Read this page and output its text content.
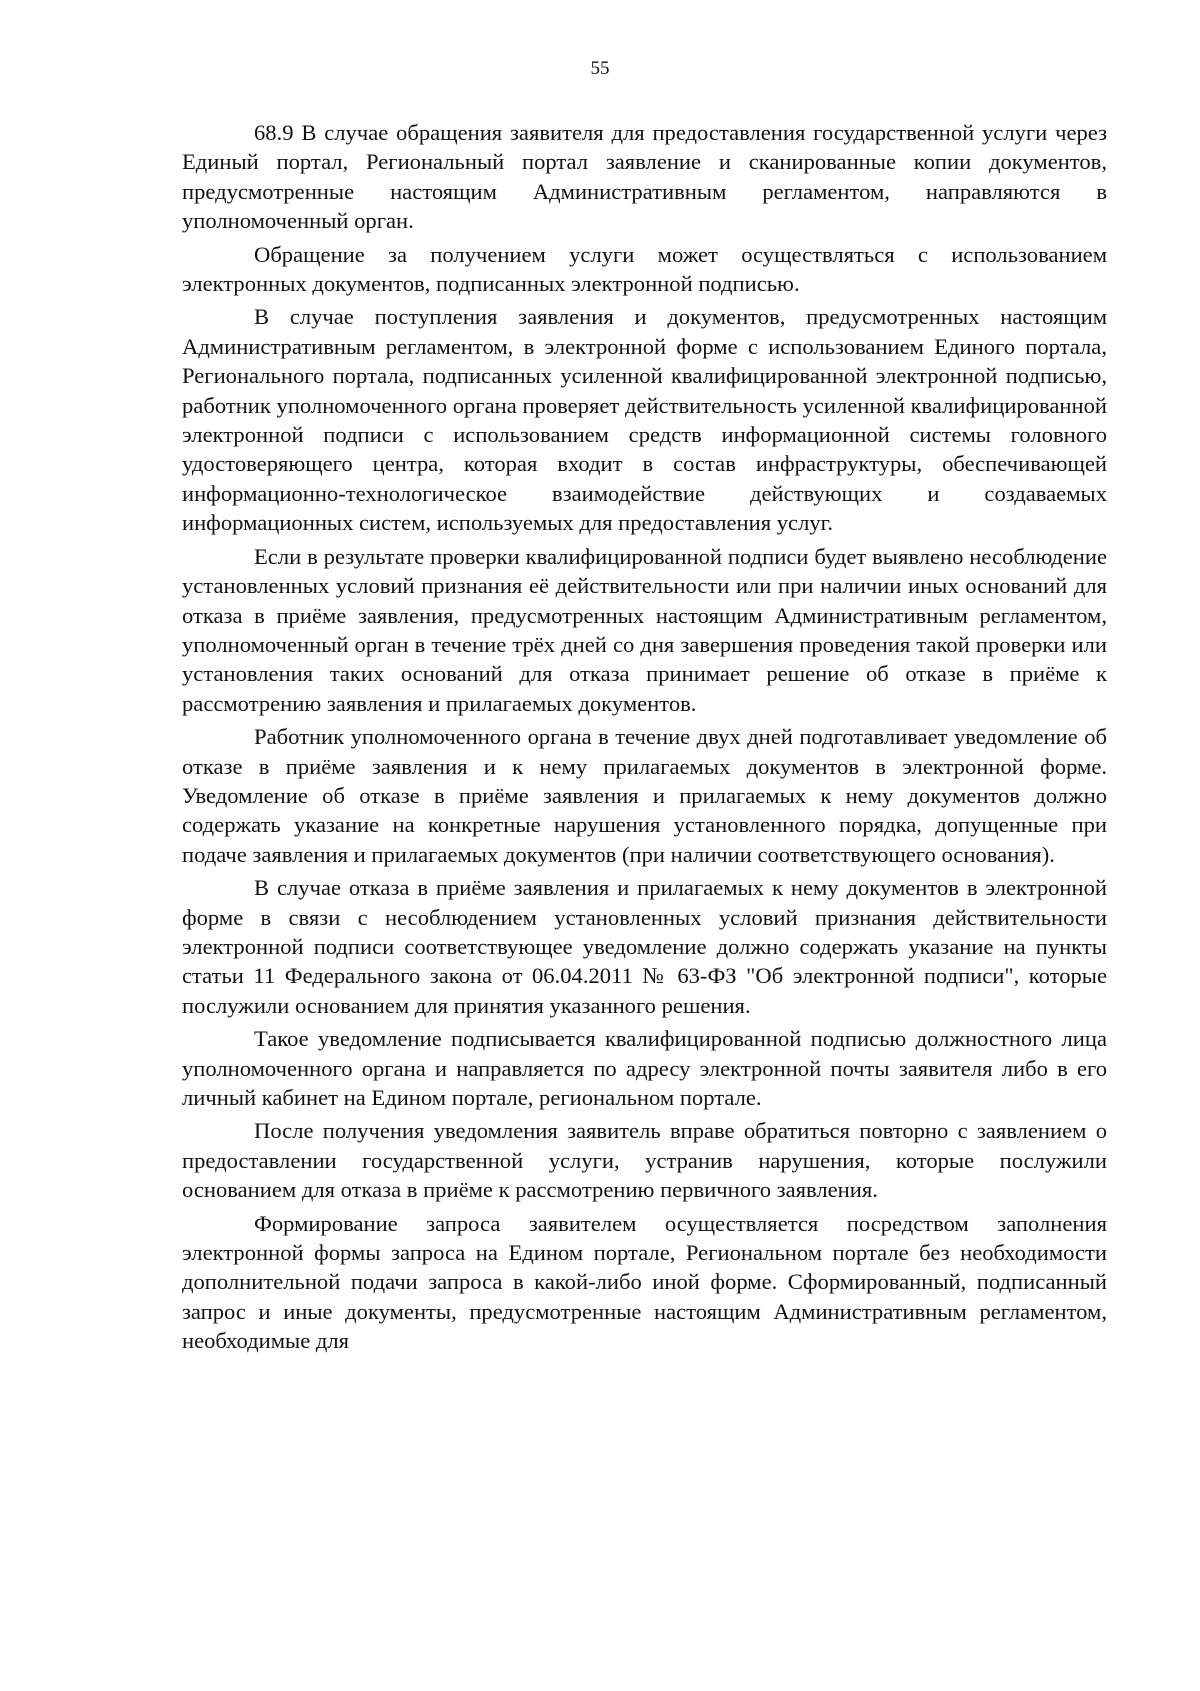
55

68.9 В случае обращения заявителя для предоставления государственной услуги через Единый портал, Региональный портал заявление и сканированные копии документов, предусмотренные настоящим Административным регламентом, направляются в уполномоченный орган.

Обращение за получением услуги может осуществляться с использованием электронных документов, подписанных электронной подписью.

В случае поступления заявления и документов, предусмотренных настоящим Административным регламентом, в электронной форме с использованием Единого портала, Регионального портала, подписанных усиленной квалифицированной электронной подписью, работник уполномоченного органа проверяет действительность усиленной квалифицированной электронной подписи с использованием средств информационной системы головного удостоверяющего центра, которая входит в состав инфраструктуры, обеспечивающей информационно-технологическое взаимодействие действующих и создаваемых информационных систем, используемых для предоставления услуг.

Если в результате проверки квалифицированной подписи будет выявлено несоблюдение установленных условий признания её действительности или при наличии иных оснований для отказа в приёме заявления, предусмотренных настоящим Административным регламентом, уполномоченный орган в течение трёх дней со дня завершения проведения такой проверки или установления таких оснований для отказа принимает решение об отказе в приёме к рассмотрению заявления и прилагаемых документов.

Работник уполномоченного органа в течение двух дней подготавливает уведомление об отказе в приёме заявления и к нему прилагаемых документов в электронной форме. Уведомление об отказе в приёме заявления и прилагаемых к нему документов должно содержать указание на конкретные нарушения установленного порядка, допущенные при подаче заявления и прилагаемых документов (при наличии соответствующего основания).

В случае отказа в приёме заявления и прилагаемых к нему документов в электронной форме в связи с несоблюдением установленных условий признания действительности электронной подписи соответствующее уведомление должно содержать указание на пункты статьи 11 Федерального закона от 06.04.2011 № 63-ФЗ "Об электронной подписи", которые послужили основанием для принятия указанного решения.

Такое уведомление подписывается квалифицированной подписью должностного лица уполномоченного органа и направляется по адресу электронной почты заявителя либо в его личный кабинет на Едином портале, региональном портале.

После получения уведомления заявитель вправе обратиться повторно с заявлением о предоставлении государственной услуги, устранив нарушения, которые послужили основанием для отказа в приёме к рассмотрению первичного заявления.

Формирование запроса заявителем осуществляется посредством заполнения электронной формы запроса на Едином портале, Региональном портале без необходимости дополнительной подачи запроса в какой-либо иной форме. Сформированный, подписанный запрос и иные документы, предусмотренные настоящим Административным регламентом, необходимые для
